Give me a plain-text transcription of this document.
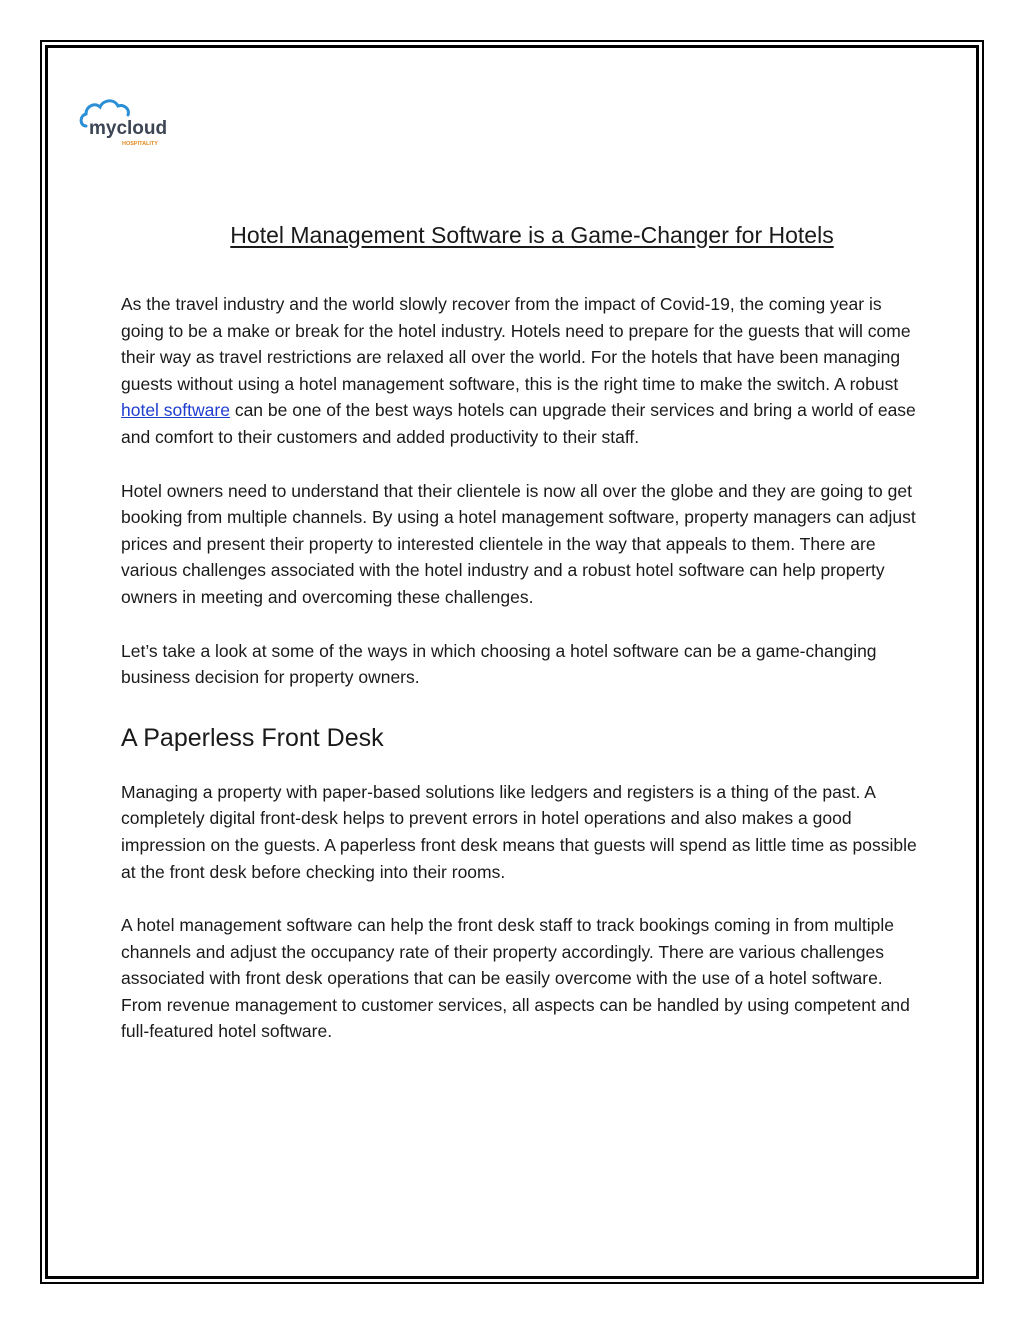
mycloud
HOSPITALITY
Hotel Management Software is a Game-Changer for Hotels

As the travel industry and the world slowly recover from the impact of Covid-19, the coming year is going to be a make or break for the hotel industry. Hotels need to prepare for the guests that will come their way as travel restrictions are relaxed all over the world. For the hotels that have been managing guests without using a hotel management software, this is the right time to make the switch. A robust hotel software can be one of the best ways hotels can upgrade their services and bring a world of ease and comfort to their customers and added productivity to their staff.

Hotel owners need to understand that their clientele is now all over the globe and they are going to get booking from multiple channels. By using a hotel management software, property managers can adjust prices and present their property to interested clientele in the way that appeals to them. There are various challenges associated with the hotel industry and a robust hotel software can help property owners in meeting and overcoming these challenges.

Let’s take a look at some of the ways in which choosing a hotel software can be a game-changing business decision for property owners.

A Paperless Front Desk

Managing a property with paper-based solutions like ledgers and registers is a thing of the past. A completely digital front-desk helps to prevent errors in hotel operations and also makes a good impression on the guests. A paperless front desk means that guests will spend as little time as possible at the front desk before checking into their rooms.

A hotel management software can help the front desk staff to track bookings coming in from multiple channels and adjust the occupancy rate of their property accordingly. There are various challenges associated with front desk operations that can be easily overcome with the use of a hotel software. From revenue management to customer services, all aspects can be handled by using competent and full-featured hotel software.
